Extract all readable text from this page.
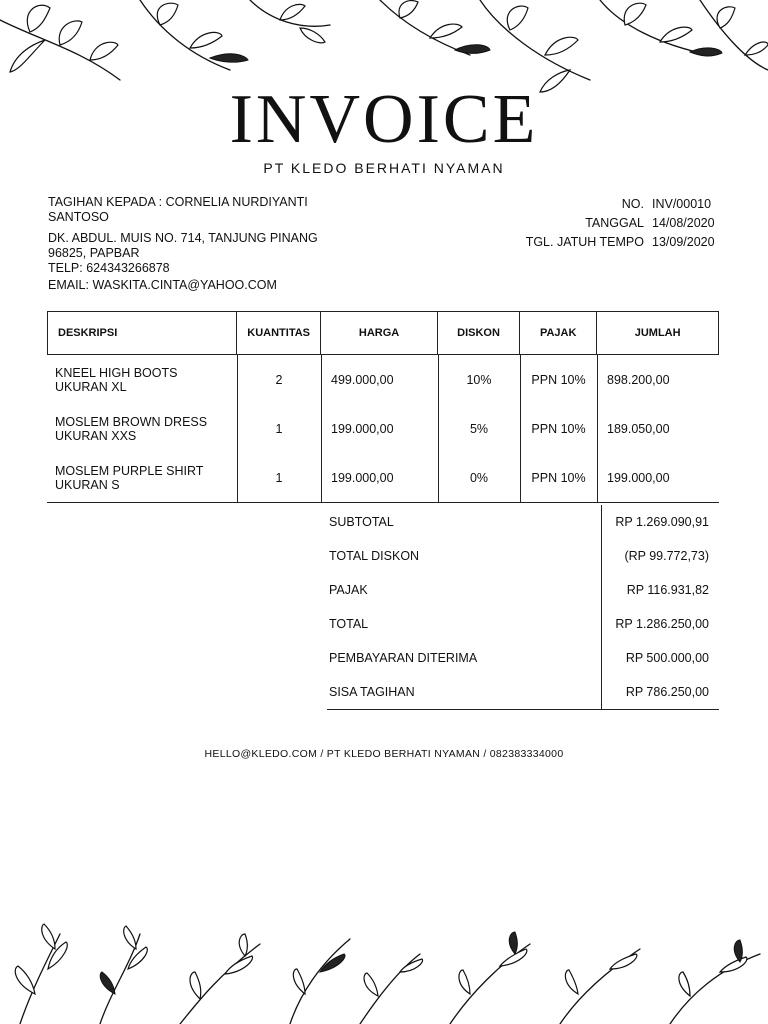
INVOICE
PT KLEDO BERHATI NYAMAN
TAGIHAN KEPADA : CORNELIA NURDIYANTI
SANTOSO
DK. ABDUL. MUIS NO. 714, TANJUNG PINANG
96825, PAPBAR
TELP: 624343266878
EMAIL: WASKITA.CINTA@YAHOO.COM
NO. INV/00010
TANGGAL 14/08/2020
TGL. JATUH TEMPO 13/09/2020
DESKRIPSI	KUANTITAS	HARGA	DISKON	PAJAK	JUMLAH
KNEEL HIGH BOOTS
UKURAN XL	2	499.000,00	10%	PPN 10%	898.200,00
MOSLEM BROWN DRESS
UKURAN XXS	1	199.000,00	5%	PPN 10%	189.050,00
MOSLEM PURPLE SHIRT
UKURAN S	1	199.000,00	0%	PPN 10%	199.000,00
SUBTOTAL	RP 1.269.090,91
TOTAL DISKON	(RP 99.772,73)
PAJAK	RP 116.931,82
TOTAL	RP 1.286.250,00
PEMBAYARAN DITERIMA	RP 500.000,00
SISA TAGIHAN	RP 786.250,00
HELLO@KLEDO.COM / PT KLEDO BERHATI NYAMAN / 082383334000
